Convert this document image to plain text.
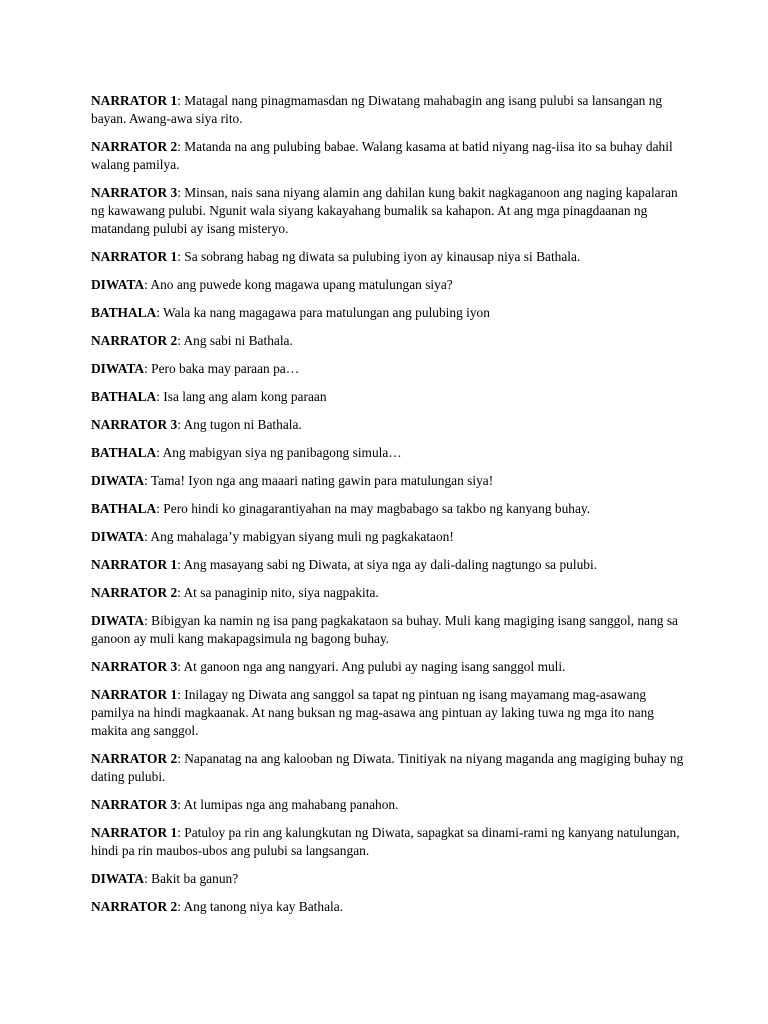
NARRATOR 1: Matagal nang pinagmamasdan ng Diwatang mahabagin ang isang pulubi sa lansangan ng bayan. Awang-awa siya rito.

NARRATOR 2: Matanda na ang pulubing babae. Walang kasama at batid niyang nag-iisa ito sa buhay dahil walang pamilya.

NARRATOR 3: Minsan, nais sana niyang alamin ang dahilan kung bakit nagkaganoon ang naging kapalaran ng kawawang pulubi. Ngunit wala siyang kakayahang bumalik sa kahapon. At ang mga pinagdaanan ng matandang pulubi ay isang misteryo.

NARRATOR 1: Sa sobrang habag ng diwata sa pulubing iyon ay kinausap niya si Bathala.

DIWATA: Ano ang puwede kong magawa upang matulungan siya?

BATHALA: Wala ka nang magagawa para matulungan ang pulubing iyon

NARRATOR 2: Ang sabi ni Bathala.

DIWATA: Pero baka may paraan pa…

BATHALA: Isa lang ang alam kong paraan

NARRATOR 3: Ang tugon ni Bathala.

BATHALA: Ang mabigyan siya ng panibagong simula…

DIWATA: Tama! Iyon nga ang maaari nating gawin para matulungan siya!

BATHALA: Pero hindi ko ginagarantiyahan na may magbabago sa takbo ng kanyang buhay.

DIWATA: Ang mahalaga’y mabigyan siyang muli ng pagkakataon!

NARRATOR 1: Ang masayang sabi ng Diwata, at siya nga ay dali-daling nagtungo sa pulubi.

NARRATOR 2: At sa panaginip nito, siya nagpakita.

DIWATA: Bibigyan ka namin ng isa pang pagkakataon sa buhay. Muli kang magiging isang sanggol, nang sa ganoon ay muli kang makapagsimula ng bagong buhay.

NARRATOR 3: At ganoon nga ang nangyari. Ang pulubi ay naging isang sanggol muli.

NARRATOR 1: Inilagay ng Diwata ang sanggol sa tapat ng pintuan ng isang mayamang mag-asawang pamilya na hindi magkaanak. At nang buksan ng mag-asawa ang pintuan ay laking tuwa ng mga ito nang makita ang sanggol.

NARRATOR 2: Napanatag na ang kalooban ng Diwata. Tinitiyak na niyang maganda ang magiging buhay ng dating pulubi.

NARRATOR 3: At lumipas nga ang mahabang panahon.

NARRATOR 1: Patuloy pa rin ang kalungkutan ng Diwata, sapagkat sa dinami-rami ng kanyang natulungan, hindi pa rin maubos-ubos ang pulubi sa langsangan.

DIWATA: Bakit ba ganun?

NARRATOR 2: Ang tanong niya kay Bathala.
